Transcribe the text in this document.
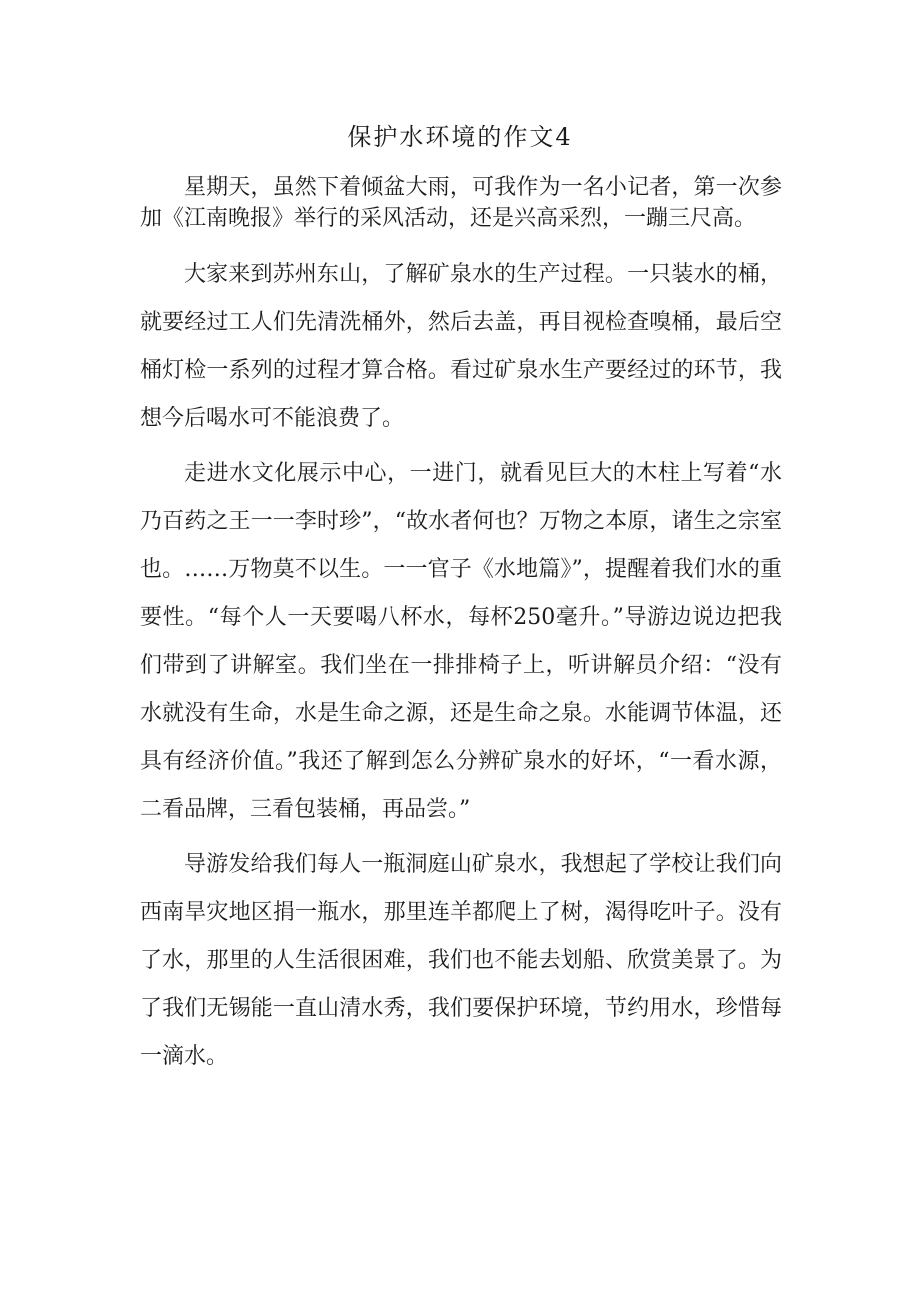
保护水环境的作文4

星期天，虽然下着倾盆大雨，可我作为一名小记者，第一次参加《江南晚报》举行的采风活动，还是兴高采烈，一蹦三尺高。

大家来到苏州东山，了解矿泉水的生产过程。一只装水的桶，就要经过工人们先清洗桶外，然后去盖，再目视检查嗅桶，最后空桶灯检一系列的过程才算合格。看过矿泉水生产要经过的环节，我想今后喝水可不能浪费了。

走进水文化展示中心，一进门，就看见巨大的木柱上写着“水乃百药之王一一李时珍”，“故水者何也？万物之本原，诸生之宗室也。……万物莫不以生。一一官子《水地篇》”，提醒着我们水的重要性。“每个人一天要喝八杯水，每杯250毫升。”导游边说边把我们带到了讲解室。我们坐在一排排椅子上，听讲解员介绍：“没有水就没有生命，水是生命之源，还是生命之泉。水能调节体温，还具有经济价值。”我还了解到怎么分辨矿泉水的好坏，“一看水源，二看品牌，三看包装桶，再品尝。”

导游发给我们每人一瓶洞庭山矿泉水，我想起了学校让我们向西南旱灾地区捐一瓶水，那里连羊都爬上了树，渴得吃叶子。没有了水，那里的人生活很困难，我们也不能去划船、欣赏美景了。为了我们无锡能一直山清水秀，我们要保护环境，节约用水，珍惜每一滴水。
